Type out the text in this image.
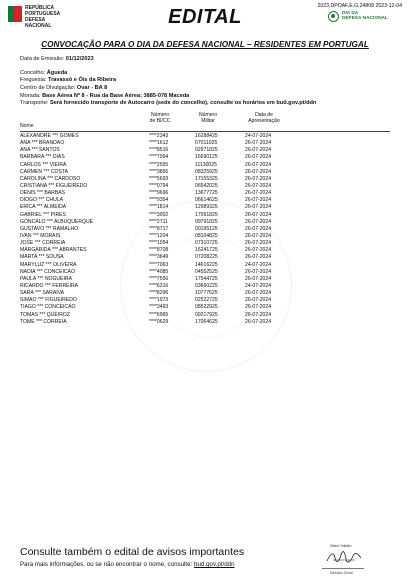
REPÚBLICA
PORTUGUESA
DEFESA
NACIONAL	EDITAL	2023,DPOAF,E,G,24808 2023-12-04
DIA DA
DEFESA NACIONAL
CONVOCAÇÃO PARA O DIA DA DEFESA NACIONAL – RESIDENTES EM PORTUGAL
Data de Emissão: 01/12/2023
Concelho: Águeda
Freguesia: Travassô e Óis da Ribeira
Centro de Divulgação: Ovar - BA 8
Morada: Base Aérea Nº 8 - Rua da Base Aérea; 3885-078 Maceda
Transporte: Será fornecido transporte de Autocarro (sede do concelho), consulte os horários em bud.gov.pt/ddn
Nome
Número
de BI/CC
Número
Militar
Data de
Apresentação
ALEXANDRE *** GOMES	****2343	16288425	24-07-2024
ANA *** BRANDAO	****1612	07011025	26-07-2024
ANA *** SANTOS	****8516	02971825	26-07-2024
BARBARA *** DIAS	****7954	16690125	26-07-2024
CARLOS *** VIEIRA	****2555	11130025	26-07-2024
CARMEN *** COSTA	****3856	08325925	26-07-2024
CAROLINA *** CARDOSO	****5693	17155325	26-07-2024
CRISTIANA *** FIGUEIREDO	****0794	06542025	26-07-2024
DENIS *** BARBAS	****9696	13677725	26-07-2024
DIOGO *** CHULA	****9354	06614625	26-07-2024
ERICA *** ALMEIDA	****1814	12989325	26-07-2024
GABRIEL *** PIRES	****3002	17091825	26-07-2024
GONCALO *** ALBUQUERQUE	****2711	09791825	26-07-2024
GUSTAVO *** RAMALHO	****8717	00195125	26-07-2024
IVAN *** MORAIS	****1204	08104825	26-07-2024
JOSE *** CORREIA	****1054	07310725	26-07-2024
MARGARIDA *** ABRANTES	****8708	16241725	26-07-2024
MARTA *** SOUSA	****3649	07208225	26-07-2024
MARYLUZ *** OLIVEIRA	****7063	14616225	24-07-2024
NADIA *** CONCEICAO	****4085	04552525	26-07-2024
PAULA *** NOGUEIRA	****7556	17544725	26-07-2024
RICARDO *** FERREIRA	****6316	03660225	24-07-2024
SARA *** SARAIVA	****8296	10777625	26-07-2024
SIMAO *** FIGUEIREDO	****1973	02522725	26-07-2024
TIAGO *** CONCEICAO	****3493	08522925	26-07-2024
TOMAS *** QUEIROZ	****6965	09217925	26-07-2024
TOME *** CORREIA	****0629	17064625	26-07-2024
Consulte também o edital de avisos importantes
Para mais informações, ou se não encontrar o nome, consulte: bud.gov.pt/ddn
Visto/ Hábito
Director-Geral
